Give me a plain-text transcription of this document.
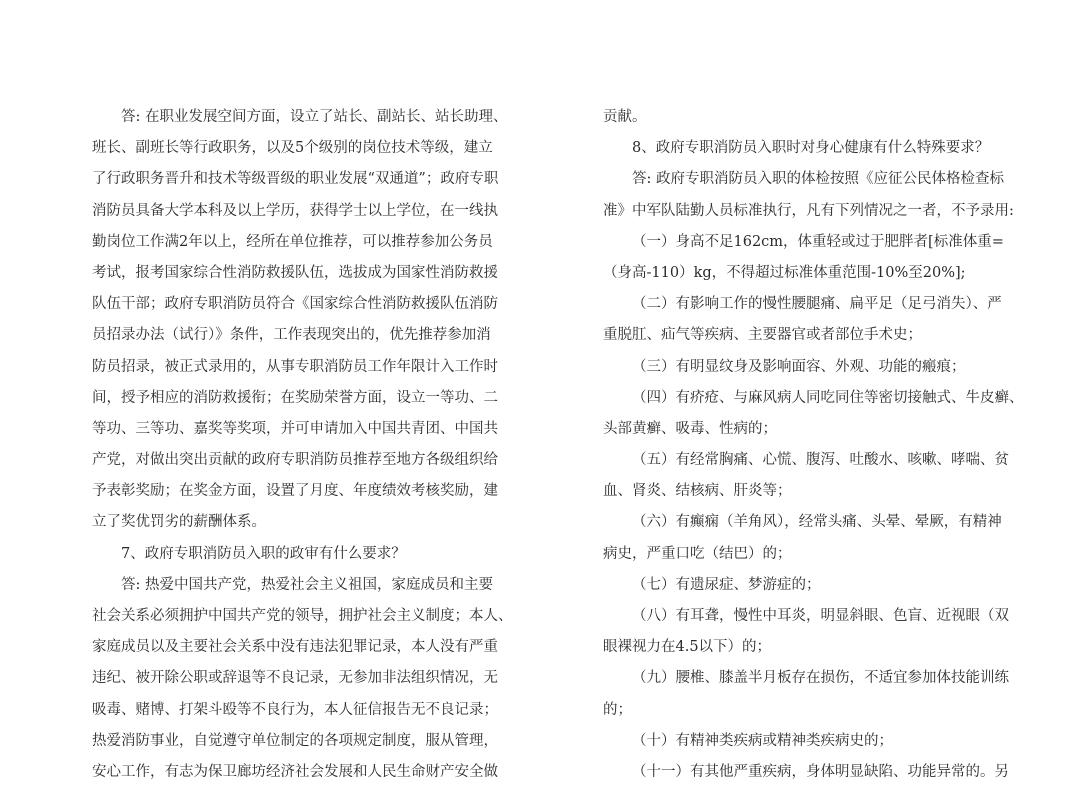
答: 在职业发展空间方面，设立了站长、副站长、站长助理、
班长、副班长等行政职务，以及5个级别的岗位技术等级，建立
了行政职务晋升和技术等级晋级的职业发展“双通道”；政府专职
消防员具备大学本科及以上学历，获得学士以上学位，在一线执
勤岗位工作满2年以上，经所在单位推荐，可以推荐参加公务员
考试，报考国家综合性消防救援队伍，选拔成为国家性消防救援
队伍干部；政府专职消防员符合《国家综合性消防救援队伍消防
员招录办法（试行）》条件，工作表现突出的，优先推荐参加消
防员招录，被正式录用的，从事专职消防员工作年限计入工作时
间，授予相应的消防救援衔；在奖励荣誉方面，设立一等功、二
等功、三等功、嘉奖等奖项，并可申请加入中国共青团、中国共
产党，对做出突出贡献的政府专职消防员推荐至地方各级组织给
予表彰奖励；在奖金方面，设置了月度、年度绩效考核奖励，建
立了奖优罚劣的薪酬体系。
7、政府专职消防员入职的政审有什么要求？
答: 热爱中国共产党，热爱社会主义祖国，家庭成员和主要
社会关系必须拥护中国共产党的领导，拥护社会主义制度；本人、
家庭成员以及主要社会关系中没有违法犯罪记录，本人没有严重
违纪、被开除公职或辞退等不良记录，无参加非法组织情况，无
吸毒、赌博、打架斗殴等不良行为，本人征信报告无不良记录；
热爱消防事业，自觉遵守单位制定的各项规定制度，服从管理，
安心工作，有志为保卫廊坊经济社会发展和人民生命财产安全做
贡献。
8、政府专职消防员入职时对身心健康有什么特殊要求？
答: 政府专职消防员入职的体检按照《应征公民体格检查标
准》中军队陆勤人员标准执行，凡有下列情况之一者，不予录用:
（一）身高不足162cm，体重轻或过于肥胖者[标准体重=
（身高-110）kg，不得超过标准体重范围-10%至20%];
（二）有影响工作的慢性腰腿痛、扁平足（足弓消失）、严
重脱肛、疝气等疾病、主要器官或者部位手术史；
（三）有明显纹身及影响面容、外观、功能的瘢痕；
（四）有疥疮、与麻风病人同吃同住等密切接触式、牛皮癣、
头部黄癣、吸毒、性病的；
（五）有经常胸痛、心慌、腹泻、吐酸水、咳嗽、哮喘、贫
血、肾炎、结核病、肝炎等；
（六）有癫痫（羊角风），经常头痛、头晕、晕厥，有精神
病史，严重口吃（结巴）的；
（七）有遗尿症、梦游症的；
（八）有耳聋，慢性中耳炎，明显斜眼、色盲、近视眼（双
眼裸视力在4.5以下）的；
（九）腰椎、膝盖半月板存在损伤，不适宜参加体技能训练
的；
（十）有精神类疾病或精神类疾病史的；
（十一）有其他严重疾病，身体明显缺陷、功能异常的。另
